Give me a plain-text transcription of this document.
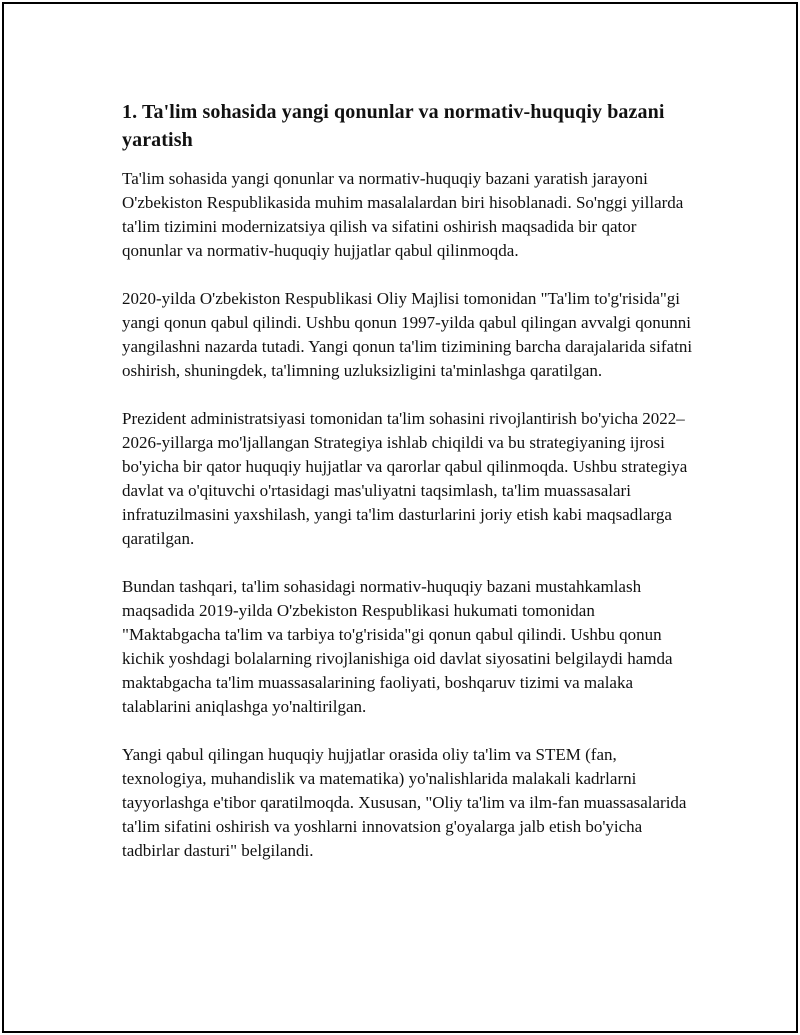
1. Ta'lim sohasida yangi qonunlar va normativ-huquqiy bazani yaratish

Ta'lim sohasida yangi qonunlar va normativ-huquqiy bazani yaratish jarayoni O'zbekiston Respublikasida muhim masalalardan biri hisoblanadi. So'nggi yillarda ta'lim tizimini modernizatsiya qilish va sifatini oshirish maqsadida bir qator qonunlar va normativ-huquqiy hujjatlar qabul qilinmoqda.

2020-yilda O'zbekiston Respublikasi Oliy Majlisi tomonidan "Ta'lim to'g'risida"gi yangi qonun qabul qilindi. Ushbu qonun 1997-yilda qabul qilingan avvalgi qonunni yangilashni nazarda tutadi. Yangi qonun ta'lim tizimining barcha darajalarida sifatni oshirish, shuningdek, ta'limning uzluksizligini ta'minlashga qaratilgan.

Prezident administratsiyasi tomonidan ta'lim sohasini rivojlantirish bo'yicha 2022–2026-yillarga mo'ljallangan Strategiya ishlab chiqildi va bu strategiyaning ijrosi bo'yicha bir qator huquqiy hujjatlar va qarorlar qabul qilinmoqda. Ushbu strategiya davlat va o'qituvchi o'rtasidagi mas'uliyatni taqsimlash, ta'lim muassasalari infratuzilmasini yaxshilash, yangi ta'lim dasturlarini joriy etish kabi maqsadlarga qaratilgan.

Bundan tashqari, ta'lim sohasidagi normativ-huquqiy bazani mustahkamlash maqsadida 2019-yilda O'zbekiston Respublikasi hukumati tomonidan "Maktabgacha ta'lim va tarbiya to'g'risida"gi qonun qabul qilindi. Ushbu qonun kichik yoshdagi bolalarning rivojlanishiga oid davlat siyosatini belgilaydi hamda maktabgacha ta'lim muassasalarining faoliyati, boshqaruv tizimi va malaka talablarini aniqlashga yo'naltirilgan.

Yangi qabul qilingan huquqiy hujjatlar orasida oliy ta'lim va STEM (fan, texnologiya, muhandislik va matematika) yo'nalishlarida malakali kadrlarni tayyorlashga e'tibor qaratilmoqda. Xususan, "Oliy ta'lim va ilm-fan muassasalarida ta'lim sifatini oshirish va yoshlarni innovatsion g'oyalarga jalb etish bo'yicha tadbirlar dasturi" belgilandi.
